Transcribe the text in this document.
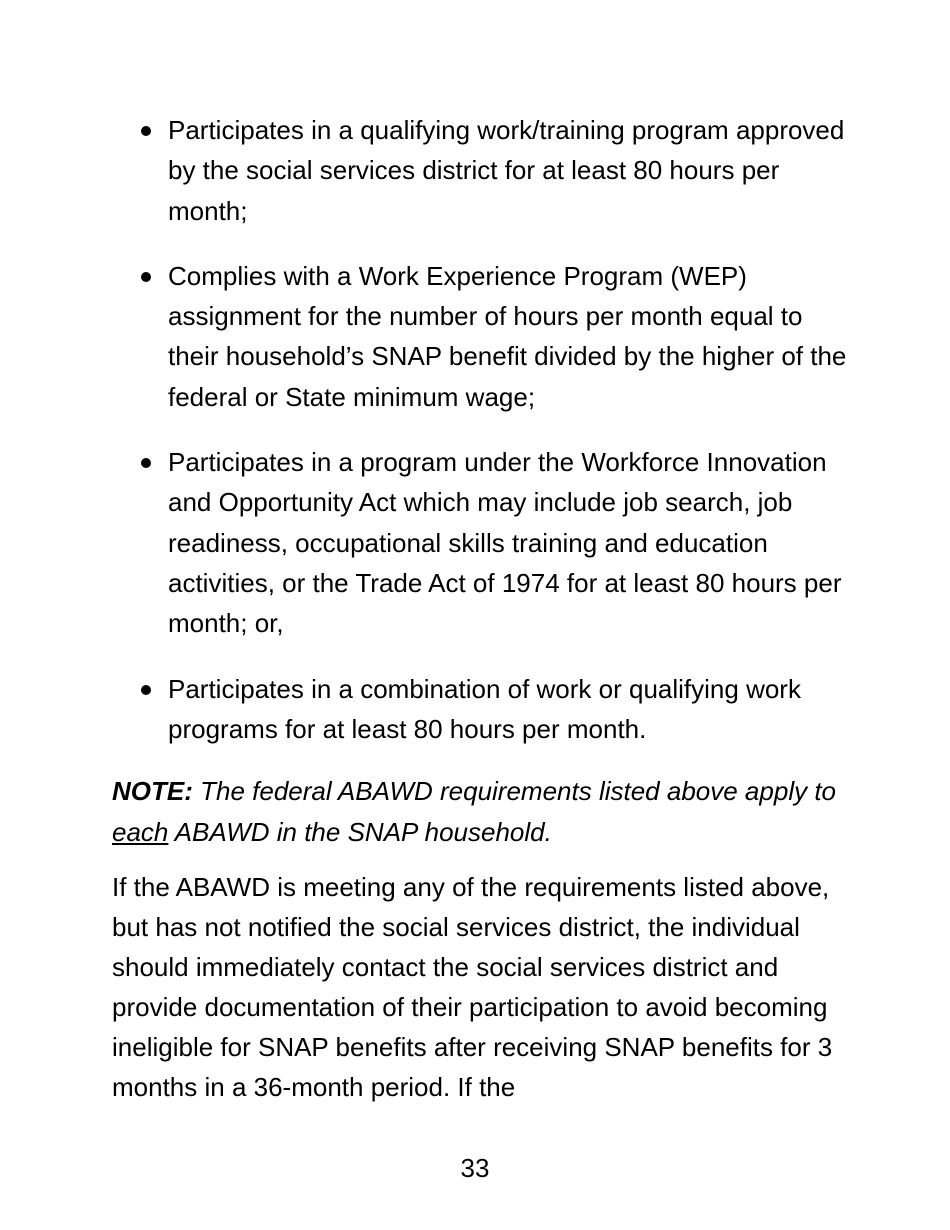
Participates in a qualifying work/training program approved by the social services district for at least 80 hours per month;
Complies with a Work Experience Program (WEP) assignment for the number of hours per month equal to their household’s SNAP benefit divided by the higher of the federal or State minimum wage;
Participates in a program under the Workforce Innovation and Opportunity Act which may include job search, job readiness, occupational skills training and education activities, or the Trade Act of 1974 for at least 80 hours per month; or,
Participates in a combination of work or qualifying work programs for at least 80 hours per month.

NOTE: The federal ABAWD requirements listed above apply to each ABAWD in the SNAP household.

If the ABAWD is meeting any of the requirements listed above, but has not notified the social services district, the individual should immediately contact the social services district and provide documentation of their participation to avoid becoming ineligible for SNAP benefits after receiving SNAP benefits for 3 months in a 36-month period. If the

33
